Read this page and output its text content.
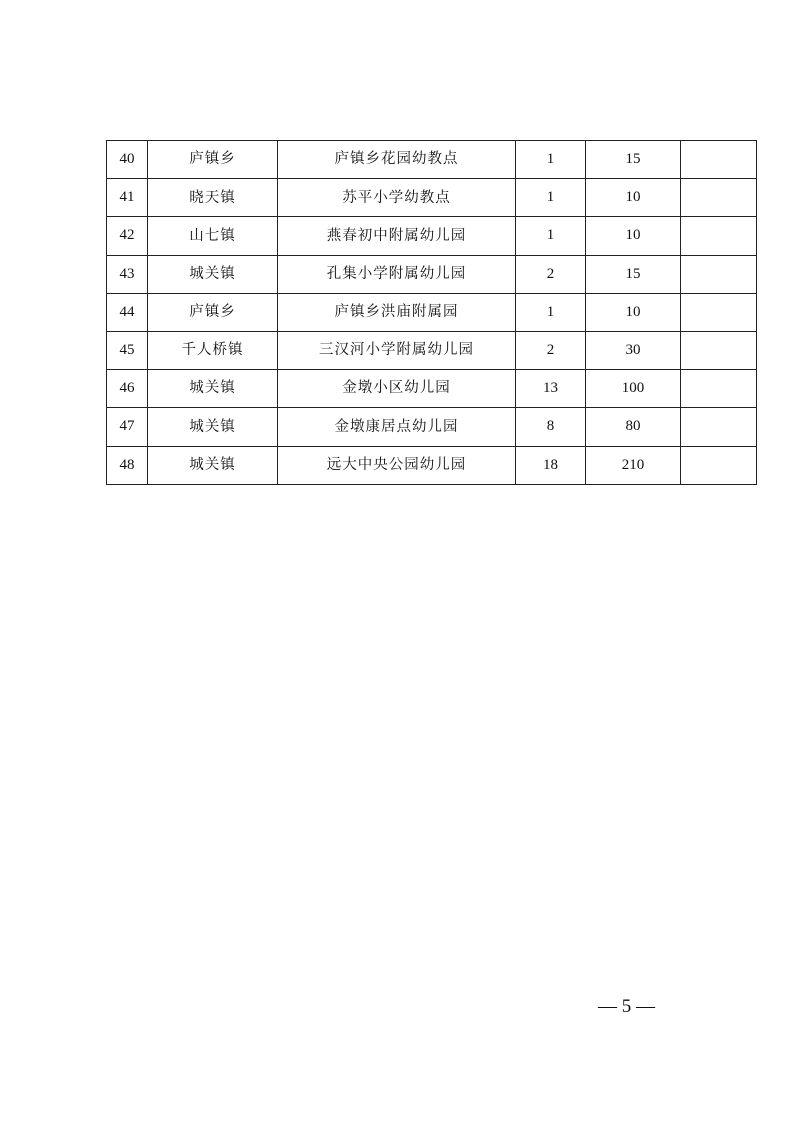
40	庐镇乡	庐镇乡花园幼教点	1	15	
41	晓天镇	苏平小学幼教点	1	10	
42	山七镇	燕春初中附属幼儿园	1	10	
43	城关镇	孔集小学附属幼儿园	2	15	
44	庐镇乡	庐镇乡洪庙附属园	1	10	
45	千人桥镇	三汉河小学附属幼儿园	2	30	
46	城关镇	金墩小区幼儿园	13	100	
47	城关镇	金墩康居点幼儿园	8	80	
48	城关镇	远大中央公园幼儿园	18	210	
— 5 —
